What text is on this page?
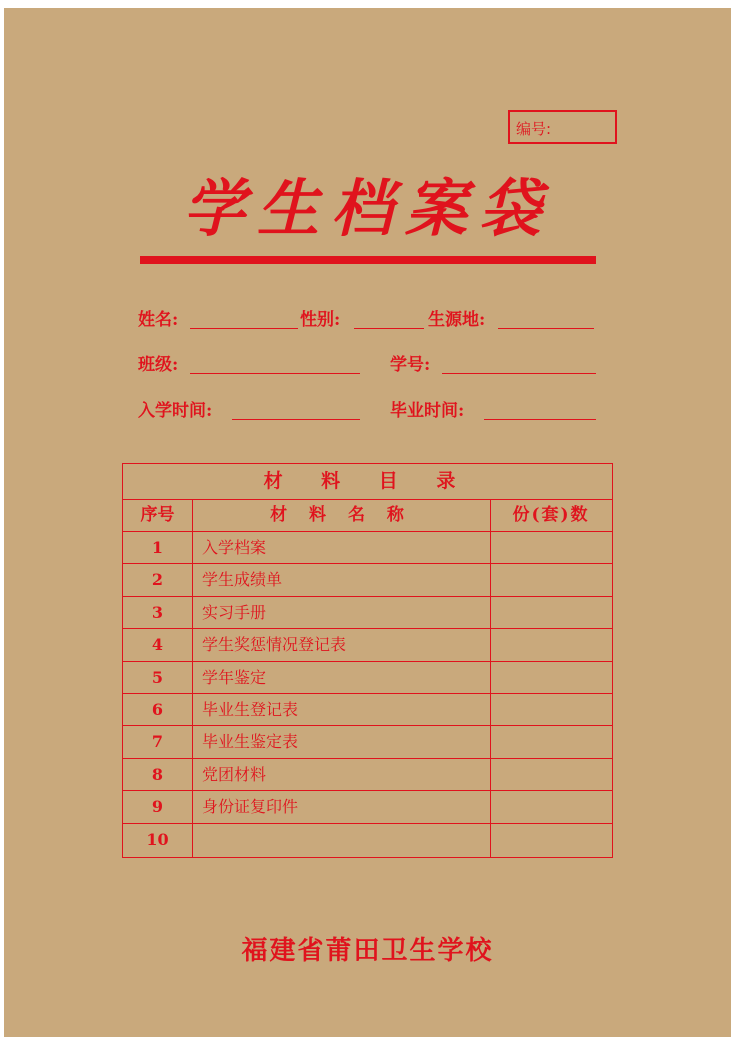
编号:
学生档案袋
姓名:	性别:	生源地:
班级:	学号:
入学时间:	毕业时间:
材 料 目 录
序号	材 料 名 称	份(套)数
1	入学档案
2	学生成绩单
3	实习手册
4	学生奖惩情况登记表
5	学年鉴定
6	毕业生登记表
7	毕业生鉴定表
8	党团材料
9	身份证复印件
10
福建省莆田卫生学校
